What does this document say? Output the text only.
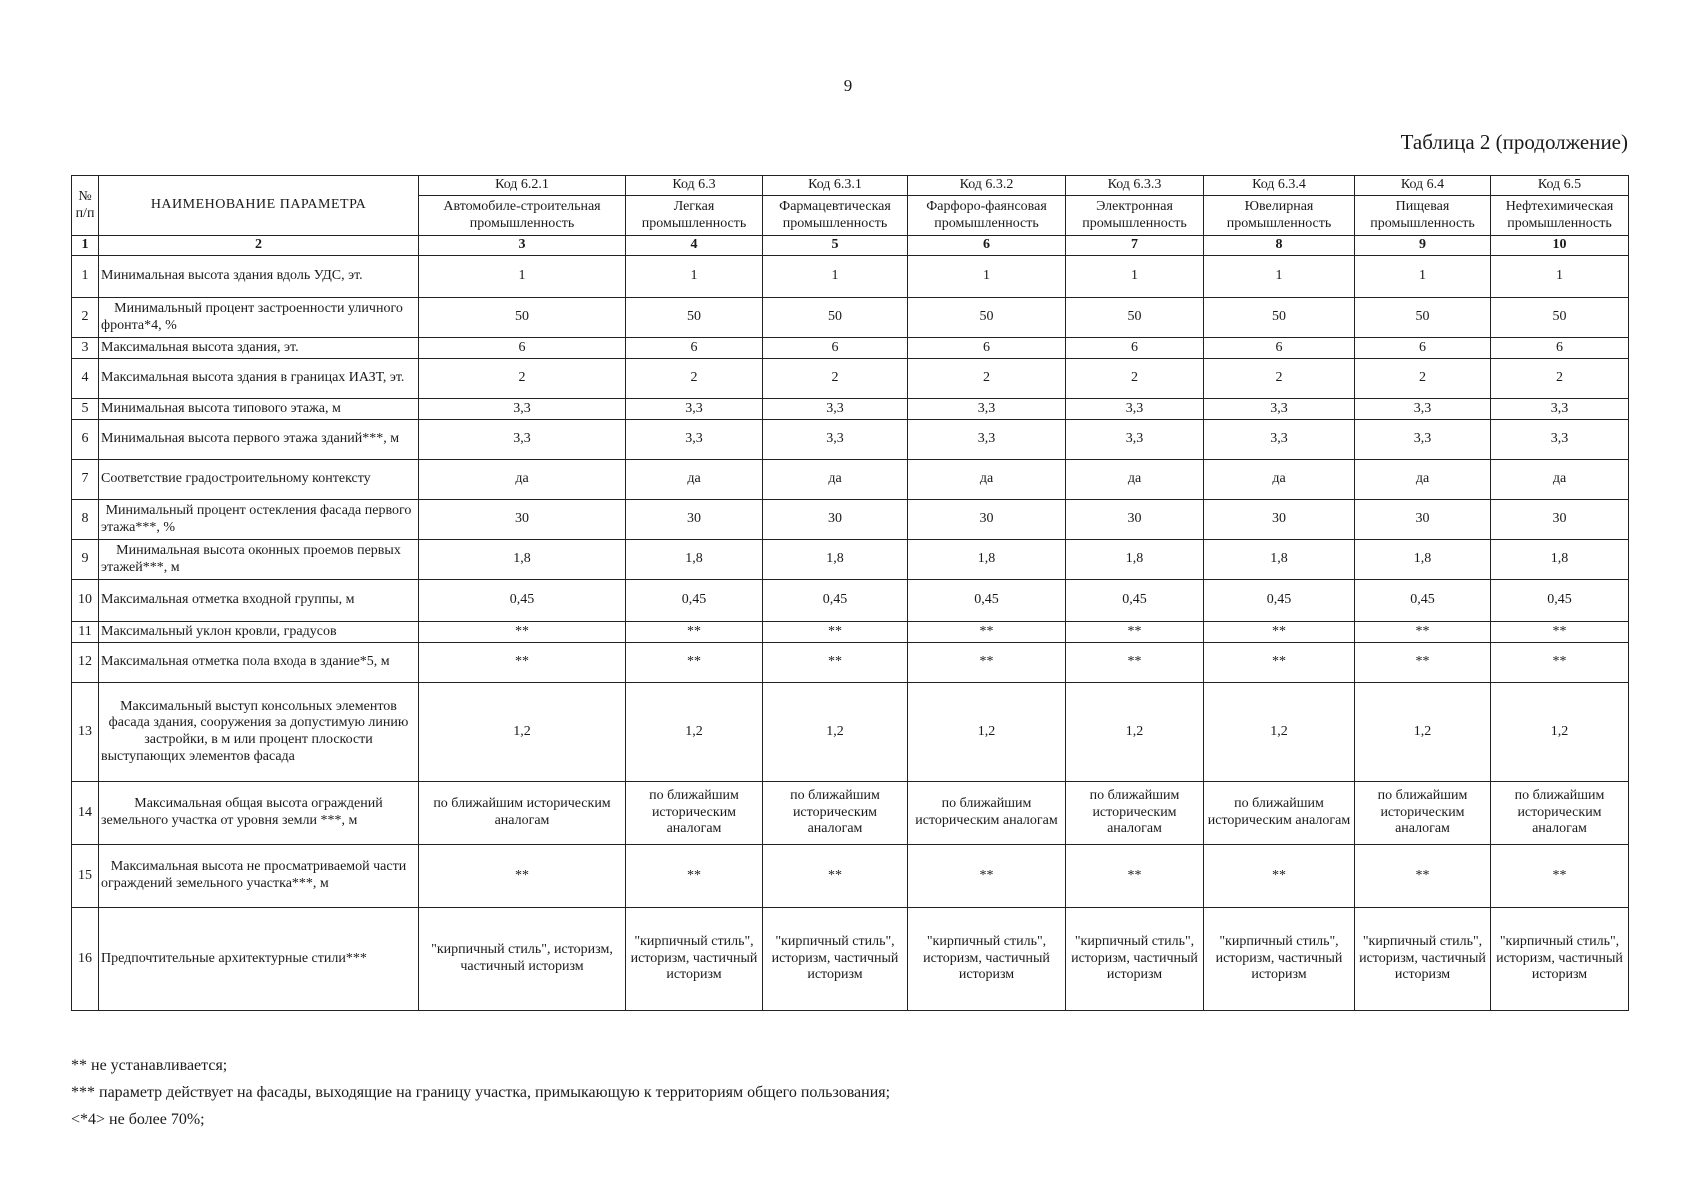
9
Таблица 2 (продолжение)
№ п/п	НАИМЕНОВАНИЕ ПАРАМЕТРА	Код 6.2.1	Код 6.3	Код 6.3.1	Код 6.3.2	Код 6.3.3	Код 6.3.4	Код 6.4	Код 6.5
		Автомобиле-строительная промышленность	Легкая промышленность	Фармацевтическая промышленность	Фарфоро-фаянсовая промышленность	Электронная промышленность	Ювелирная промышленность	Пищевая промышленность	Нефтехимическая промышленность
1	2	3	4	5	6	7	8	9	10
1	Минимальная высота здания вдоль УДС, эт.	1	1	1	1	1	1	1	1
2	Минимальный процент застроенности уличного фронта*4, %	50	50	50	50	50	50	50	50
3	Максимальная высота здания, эт.	6	6	6	6	6	6	6	6
4	Максимальная высота здания в границах ИАЗТ, эт.	2	2	2	2	2	2	2	2
5	Минимальная высота типового этажа, м	3,3	3,3	3,3	3,3	3,3	3,3	3,3	3,3
6	Минимальная высота первого этажа зданий***, м	3,3	3,3	3,3	3,3	3,3	3,3	3,3	3,3
7	Соответствие градостроительному контексту	да	да	да	да	да	да	да	да
8	Минимальный процент остекления фасада первого этажа***, %	30	30	30	30	30	30	30	30
9	Минимальная высота оконных проемов первых этажей***, м	1,8	1,8	1,8	1,8	1,8	1,8	1,8	1,8
10	Максимальная отметка входной группы, м	0,45	0,45	0,45	0,45	0,45	0,45	0,45	0,45
11	Максимальный уклон кровли, градусов	**	**	**	**	**	**	**	**
12	Максимальная отметка пола входа в здание*5, м	**	**	**	**	**	**	**	**
13	Максимальный выступ консольных элементов фасада здания, сооружения за допустимую линию застройки, в м или процент плоскости выступающих элементов фасада	1,2	1,2	1,2	1,2	1,2	1,2	1,2	1,2
14	Максимальная общая высота ограждений земельного участка от уровня земли ***, м	по ближайшим историческим аналогам	по ближайшим историческим аналогам	по ближайшим историческим аналогам	по ближайшим историческим аналогам	по ближайшим историческим аналогам	по ближайшим историческим аналогам	по ближайшим историческим аналогам	по ближайшим историческим аналогам
15	Максимальная высота не просматриваемой части ограждений земельного участка***, м	**	**	**	**	**	**	**	**
16	Предпочтительные архитектурные стили***	"кирпичный стиль", историзм, частичный историзм	"кирпичный стиль", историзм, частичный историзм	"кирпичный стиль", историзм, частичный историзм	"кирпичный стиль", историзм, частичный историзм	"кирпичный стиль", историзм, частичный историзм	"кирпичный стиль", историзм, частичный историзм	"кирпичный стиль", историзм, частичный историзм	"кирпичный стиль", историзм, частичный историзм
** не устанавливается;
*** параметр действует на фасады, выходящие на границу участка, примыкающую к территориям общего пользования;
<*4> не более 70%;
